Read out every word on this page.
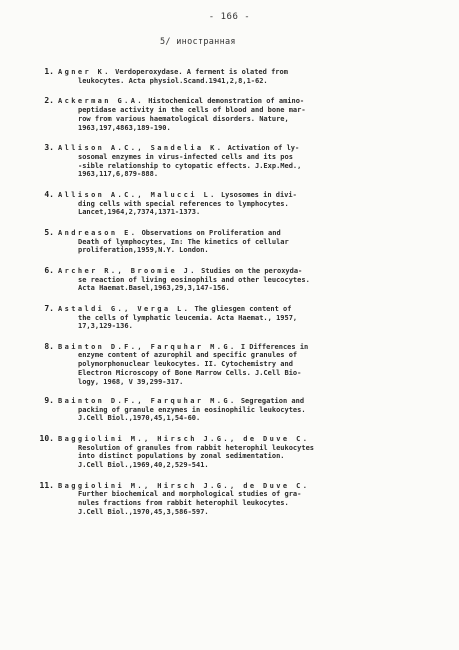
- 166 -
5/ иностранная
1. Agner K. Verdoperoxydase. A ferment is olated from
leukocytes. Acta physiol.Scand.1941,2,8,1-62.
2. Ackerman G.A. Histochemical demonstration of amino-
peptidase activity in the cells of blood and bone mar-
row from various haematological disorders. Nature,
1963,197,4863,189-190.
3. Allison A.C., Sandelia K. Activation of ly-
sosomal enzymes in virus-infected cells and its pos
-sible relationship to cytopatic effects. J.Exp.Med.,
1963,117,6,879-888.
4. Allison A.C., Malucci L. Lysosomes in divi-
ding cells with special references to lymphocytes.
Lancet,1964,2,7374,1371-1373.
5. Andreason E. Observations on Proliferation and
Death of lymphocytes, In: The kinetics of cellular
proliferation,1959,N.Y. London.
6. Archer R., Broomie J. Studies on the peroxyda-
se reaction of living eosinophils and other leucocytes.
Acta Haemat.Basel,1963,29,3,147-156.
7. Astaldi G., Verga L. The gliesgen content of
the cells of lymphatic leucemia. Acta Haemat., 1957,
17,3,129-136.
8. Bainton D.F., Farquhar M.G. I Differences in
enzyme content of azurophil and specific granules of
polymorphonuclear leukocytes. II. Cytochemistry and
Electron Microscopy of Bone Marrow Cells. J.Cell Bio-
logy, 1968, V 39,299-317.
9. Bainton D.F., Farquhar M.G. Segregation and
packing of granule enzymes in eosinophilic leukocytes.
J.Cell Biol.,1970,45,1,54-60.
10. Baggiolini M., Hirsch J.G., de Duve C.
Resolution of granules from rabbit heterophil leukocytes
into distinct populations by zonal sedimentation.
J.Cell Biol.,1969,40,2,529-541.
11. Baggiolini M., Hirsch J.G., de Duve C.
Further biochemical and morphological studies of gra-
nules fractions from rabbit heterophil leukocytes.
J.Cell Biol.,1970,45,3,586-597.
